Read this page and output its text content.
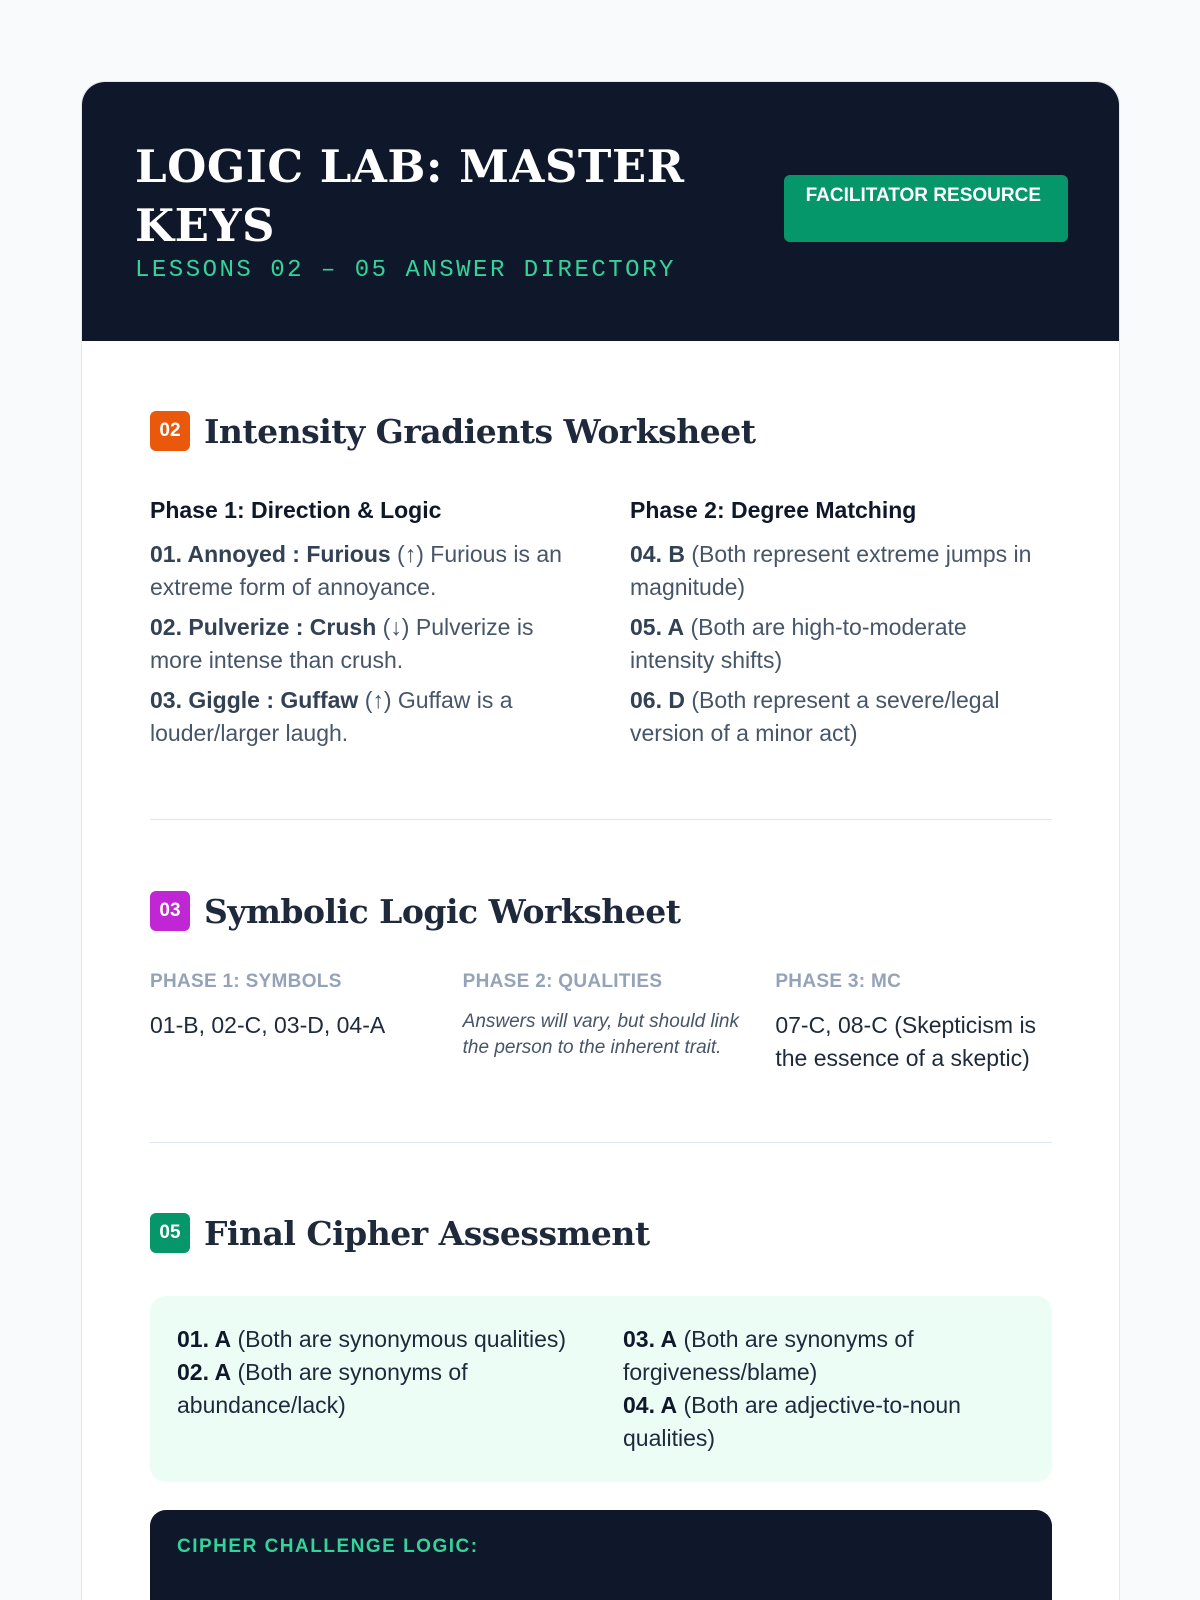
LOGIC LAB: MASTER KEYS
LESSONS 02 – 05 ANSWER DIRECTORY
FACILITATOR RESOURCE
02 Intensity Gradients Worksheet
Phase 1: Direction & Logic
01. Annoyed : Furious (↑) Furious is an extreme form of annoyance.
02. Pulverize : Crush (↓) Pulverize is more intense than crush.
03. Giggle : Guffaw (↑) Guffaw is a louder/larger laugh.
Phase 2: Degree Matching
04. B (Both represent extreme jumps in magnitude)
05. A (Both are high-to-moderate intensity shifts)
06. D (Both represent a severe/legal version of a minor act)
03 Symbolic Logic Worksheet
PHASE 1: SYMBOLS
01-B, 02-C, 03-D, 04-A
PHASE 2: QUALITIES
Answers will vary, but should link the person to the inherent trait.
PHASE 3: MC
07-C, 08-C (Skepticism is the essence of a skeptic)
05 Final Cipher Assessment
01. A (Both are synonymous qualities)
02. A (Both are synonyms of abundance/lack)
03. A (Both are synonyms of forgiveness/blame)
04. A (Both are adjective-to-noun qualities)
CIPHER CHALLENGE LOGIC:
